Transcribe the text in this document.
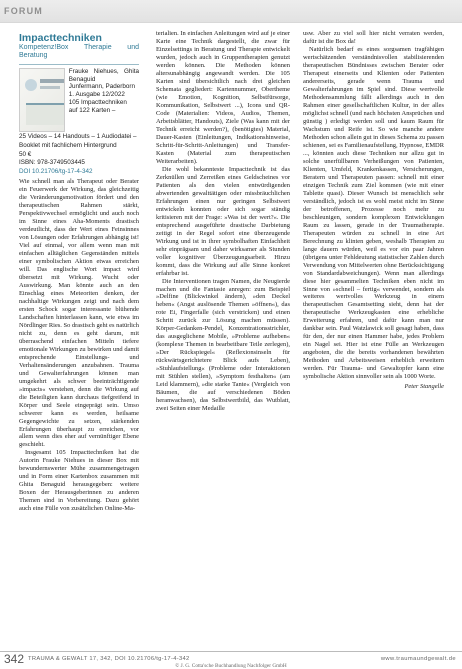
FORUM
Impacttechniken
Kompetenz!Box Therapie und Beratung
Frauke Niehues, Ghita Benaguid
Junfermann, Paderborn
1. Ausgabe 12/2022
105 Impacttechniken
auf 122 Karten –
25 Videos – 14 Handouts – 1 Audiodatei –
Booklet mit fachlichem Hintergrund
50 €
ISBN: 978-3749503445
DOI 10.21706/tg-17-4-342

Wie schnell man als Therapeut oder Berater ein Feuerwerk der Wirkung, das gleichzeitig die Veränderungsmotivation fördert und den therapeutischen Rahmen stärkt, Perspektivwechsel ermöglicht und auch noch im Sinne eines Aha-Moments drastisch verdeutlicht, dass der Wert eines Feinsinnes von Lösungen oder Erfahrungen abhängig ist! Viel auf einmal, vor allem wenn man mit einfachen alltäglichen Gegenständen mittels einer symbolischen Aktion etwas erreichen will. Das englische Wort impact wird übersetzt mit Wirkung. Wucht oder Auswirkung. Man könnte auch an den Einschlag eines Meteoriten denken, der nachhaltige Wirkungen zeigt und nach dem ersten Schock sogar interessante blühende Landschaften hinterlassen kann, wie etwa im Nördlinger Ries. So drastisch geht es natürlich nicht zu, denn es geht darum, mit überraschend einfachen Mitteln tiefere emotionale Wirkungen zu bewirken und damit entsprechende Einstellungs- und Verhaltensänderungen anzubahnen. Trauma und Gewalterfahrungen können man umgekehrt als schwer beeinträchtigende »impacts« verstehen, denn die Wirkung auf die Beteiligten kann durchaus tiefgreifend in Körper und Seele eingeprägt sein. Umso schwerer kann es werden, heilsame Gegengewichte zu setzen, stärkenden Erfahrungen überhaupt zu erreichen, vor allem wenn dies eher auf vernünftiger Ebene geschieht.

Insgesamt 105 Impacttechniken hat die Autorin Frauke Niehues in dieser Box mit bewundernswerter Mühe zusammengetragen und in Form einer Kartenbox zusammen mit Ghita Benaguid herausgegeben: weitere Boxen der Herausgeberinnen zu anderen Themen sind in Vorbereitung. Dazu gehört auch eine Fülle von zusätzlichen Online-Ma-

terialien. In einfachen Anleitungen wird auf je einer Karte eine Technik dargestellt, die zwar für Einzelsettings in Beratung und Therapie entwickelt wurden, jedoch auch in Gruppentherapien genutzt werden können. Die Methoden können altersunabhängig angewandt werden. Die 105 Karten sind übersichtlich nach drei gleichen Schemata gegliedert: Kartennummer, Obertheme (wie Emotion, Kognition, Selbstfürsorge, Kommunikation, Selbstwert ...), Icons und QR-Code (Materialien: Videos, Audios, Themen, Arbeitsblätter, Handouts), Ziele (Was kann mit der Technik erreicht werden?), (benötigtes) Material, Dauer-Kasten (Einleitungen, Indikationshinweise, Schritt-für-Schritt-Anleitungen) und Transfer-Kasten (Material zum therapeutischen Weiterarbeiten).

Die wohl bekannteste Impacttechnik ist das Zerknüllen und Zerreißen eines Geldscheines vor Patienten als den vielen entwürdigenden abwertenden gewalttätigen oder missbräuchlichen Erfahrungen einen nur geringen Selbstwert entwickeln konnten oder sich sogar ständig kritisieren mit der Frage: »Was ist der wert?«. Die entsprechend ausgeführte drastische Darbietung zeitigt in der Regel sofort eine überzeugende Wirkung und ist in ihrer symbolhaften Einfachheit sehr einprägsam und daher wirksamer als Stunden voller kognitiver Überzeugungsarbeit. Hinzu kommt, dass die Wirkung auf alle Sinne konkret erfahrbar ist.

Die Interventionen tragen Namen, die Neugierde machen und die Fantasie anregen: zum Beispiel »Delfine (Blickwinkel ändern), »den Deckel heben« (Angst auslösende Themen »öffnen«), das rote Ei, Fingerfalle (sich verstricken) und einen Schritt zurück zur Lösung machen müssen). Körper-Gedanken-Pendel, Konzentrationsstrichler, das ausgeglichene Mobile, »Probleme aufheben« (komplexe Themen in bearbeitbare Teile zerlegen), »Der Rückspiegel« (Reflexionsinseln für rückwärtsgerichtetere Blick aufs Leben), »Stuhlaufstellung« (Probleme oder Interaktionen mit Stühlen stellen), »Symptom festhalten« (am Leid klammern), »die starke Tante« (Vergleich von Bäumen, die auf verschiedenen Böden heranwachsen), das Selbstwertbild, das Wutblatt, zwei Seiten einer Medaille

usw. Aber zu viel soll hier nicht verraten werden, dafür ist die Box da!

Natürlich bedarf es eines sorgsamen tragfähigen wertschätzenden verständnisvollen stabilisierenden therapeutischen Bündnisses zwischen Berater oder Therapeut einerseits und Klienten oder Patienten andererseits, gerade wenn Trauma und Gewalterfahrungen im Spiel sind. Diese wertvolle Methodensammlung fällt allerdings auch in den Rahmen einer gesellschaftlichen Kultur, in der alles möglichst schnell (und nach höchsten Ansprüchen und günstig ) erledigt werden soll und kaum Raum für Wachstum und Reife ist. So wie manche andere Methoden schon allein gut in dieses Schema zu passen schienen, sei es Familienaufstellung, Hypnose, EMDR ..., könnten auch diese Techniken nur allzu gut in solche unerfüllbaren Verheißungen von Patienten, Klienten, Umfeld, Krankenkassen, Versicherungen, Beratern und Therapeuten passen: schnell mit einer einzigen Technik zum Ziel kommen (wie mit einer Tablette quasi). Dieser Wunsch ist menschlich sehr verständlich, jedoch ist es wohl meist nicht im Sinne der betroffenen, Prozesse noch mehr zu beschleunigen, sondern komplexen Entwicklungen Raum zu lassen, gerade in der Traumatherapie. Therapeuten würden zu schnell in eine Art Berechnung zu klinten geben, weshalb Therapien zu lange dauern würden, weil es vor ein paar Jahren (übrigens unter Fehldeutung statistischer Zahlen durch Verwendung von Mittelwerten ohne Berücksichtigung von Standardabweichungen). Wenn man allerdings diese hier gesammelten Techniken eben nicht im Sinne von »schnell – fertig« verwendet, sondern als weiteres wertvolles Werkzeug in einem therapeutischen Gesamtsetting sieht, denn hat der therapeutische Werkzeugkasten eine erhebliche Erweiterung erfahren, und dafür kann man nur dankbar sein. Paul Watzlawick soll gesagt haben, dass für den, der nur einen Hammer habe, jedes Problem ein Nagel sei. Hier ist eine Fülle an Werkzeugen angeboten, die die bereits vorhandenen bewährten Methoden und Arbeitsweisen erheblich erweitern werden. Für Trauma- und Gewaltopfer kann eine symbolische Aktion sinnvoller sein als 1000 Worte.

Peter Stangelle
342 TRAUMA & GEWALT 17, 342, DOI 10.21706/tg-17-4-342	www.traumaundgewalt.de
© J. G. Cotta'sche Buchhandlung Nachfolger GmbH
